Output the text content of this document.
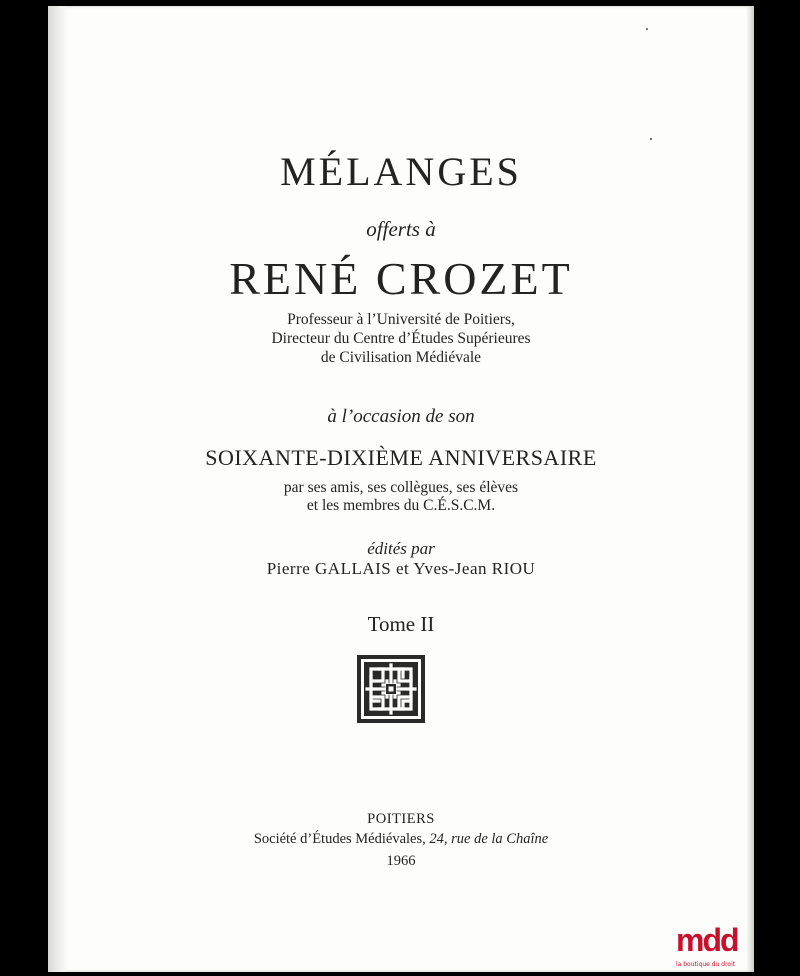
MÉLANGES
offerts à
RENÉ CROZET
Professeur à l’Université de Poitiers,
Directeur du Centre d’Études Supérieures
de Civilisation Médiévale
à l’occasion de son
SOIXANTE-DIXIÈME ANNIVERSAIRE
par ses amis, ses collègues, ses élèves
et les membres du C.É.S.C.M.
édités par
Pierre GALLAIS et Yves-Jean RIOU
Tome II
POITIERS
Société d’Études Médiévales, 24, rue de la Chaîne
1966
mdd
la boutique du droit
